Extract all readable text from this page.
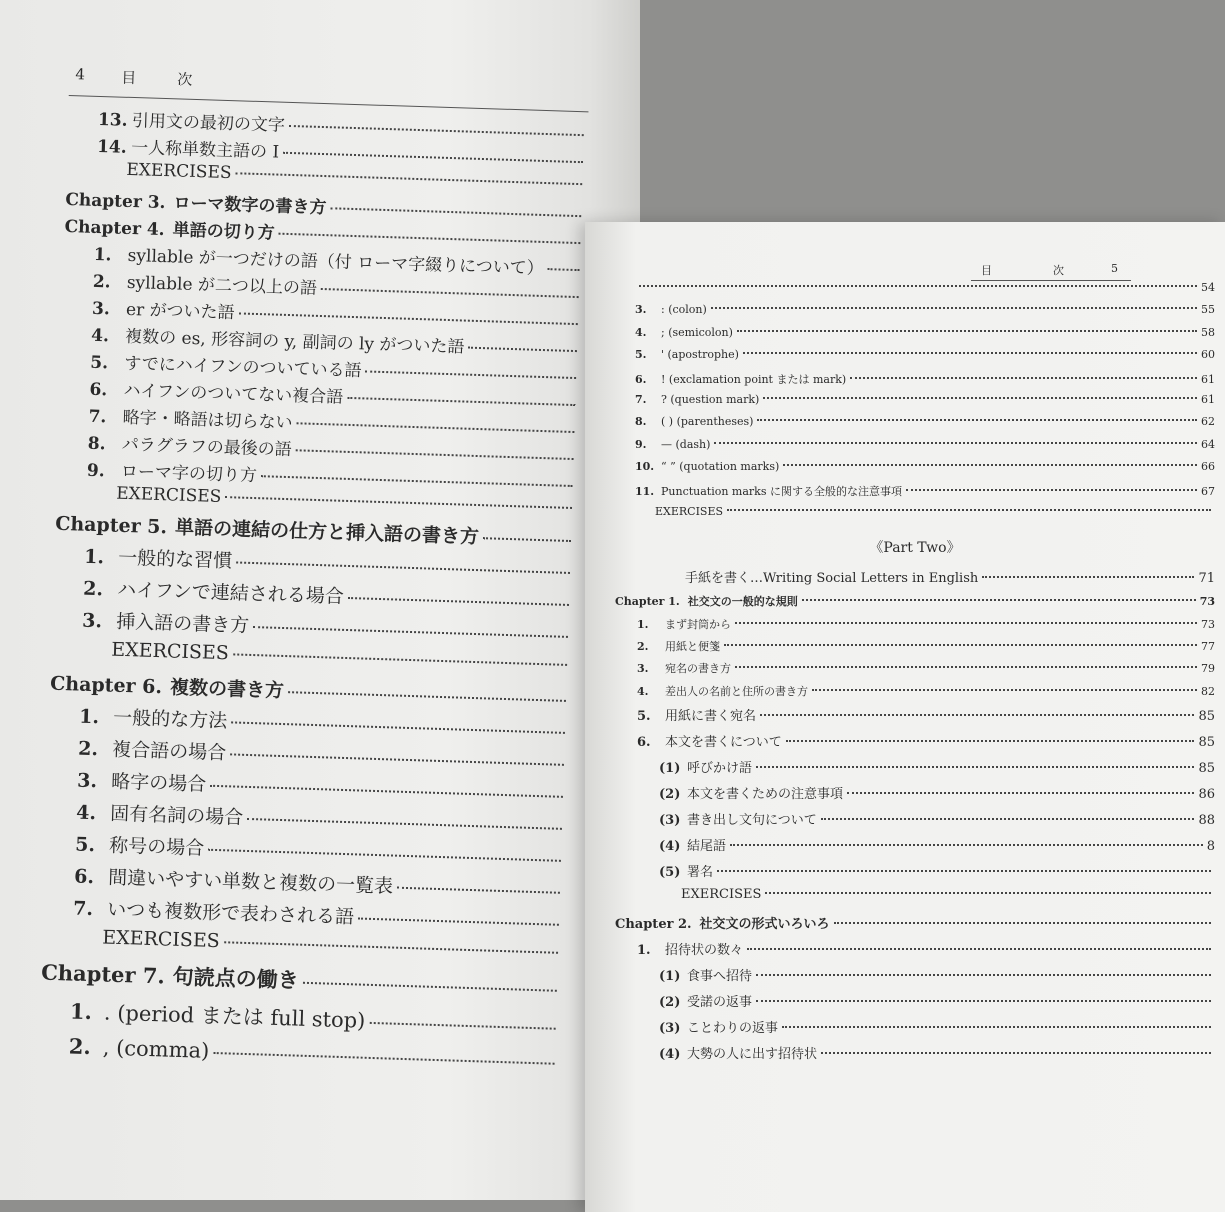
4 目	次
13. 引用文の最初の文字
14. 一人称単数主語の I
EXERCISES
Chapter 3. ローマ数字の書き方
Chapter 4. 単語の切り方
1. syllable が一つだけの語（付 ローマ字綴りについて）
2. syllable が二つ以上の語
3. er がついた語
4. 複数の es, 形容詞の y, 副詞の ly がついた語
5. すでにハイフンのついている語
6. ハイフンのついてない複合語
7. 略字・略語は切らない
8. パラグラフの最後の語
9. ローマ字の切り方
EXERCISES
Chapter 5. 単語の連結の仕方と挿入語の書き方
1. 一般的な習慣
2. ハイフンで連結される場合
3. 挿入語の書き方
EXERCISES
Chapter 6. 複数の書き方
1. 一般的な方法
2. 複合語の場合
3. 略字の場合
4. 固有名詞の場合
5. 称号の場合
6. 間違いやすい単数と複数の一覧表
7. いつも複数形で表わされる語
EXERCISES
Chapter 7. 句読点の働き
1. . (period または full stop)
2. , (comma)
目	次	5
54
3.	: (colon)	55
4.	; (semicolon)	58
5.	' (apostrophe)	60
6.	! (exclamation point または mark)	61
7.	? (question mark)	61
8.	( ) (parentheses)	62
9.	— (dash)	64
10. “ ” (quotation marks)	66
11. Punctuation marks に関する全般的な注意事項	67
EXERCISES
《Part Two》
手紙を書く…Writing Social Letters in English	71
Chapter 1. 社交文の一般的な規則	73
1.	まず封筒から	73
2.	用紙と便箋	77
3.	宛名の書き方	79
4.	差出人の名前と住所の書き方	82
5.	用紙に書く宛名	85
6.	本文を書くについて	85
(1) 呼びかけ語	85
(2) 本文を書くための注意事項	86
(3) 書き出し文句について	88
(4) 結尾語	8
(5) 署名
EXERCISES
Chapter 2. 社交文の形式いろいろ
1.	招待状の数々
(1) 食事へ招待
(2) 受諾の返事
(3) ことわりの返事
(4) 大勢の人に出す招待状
